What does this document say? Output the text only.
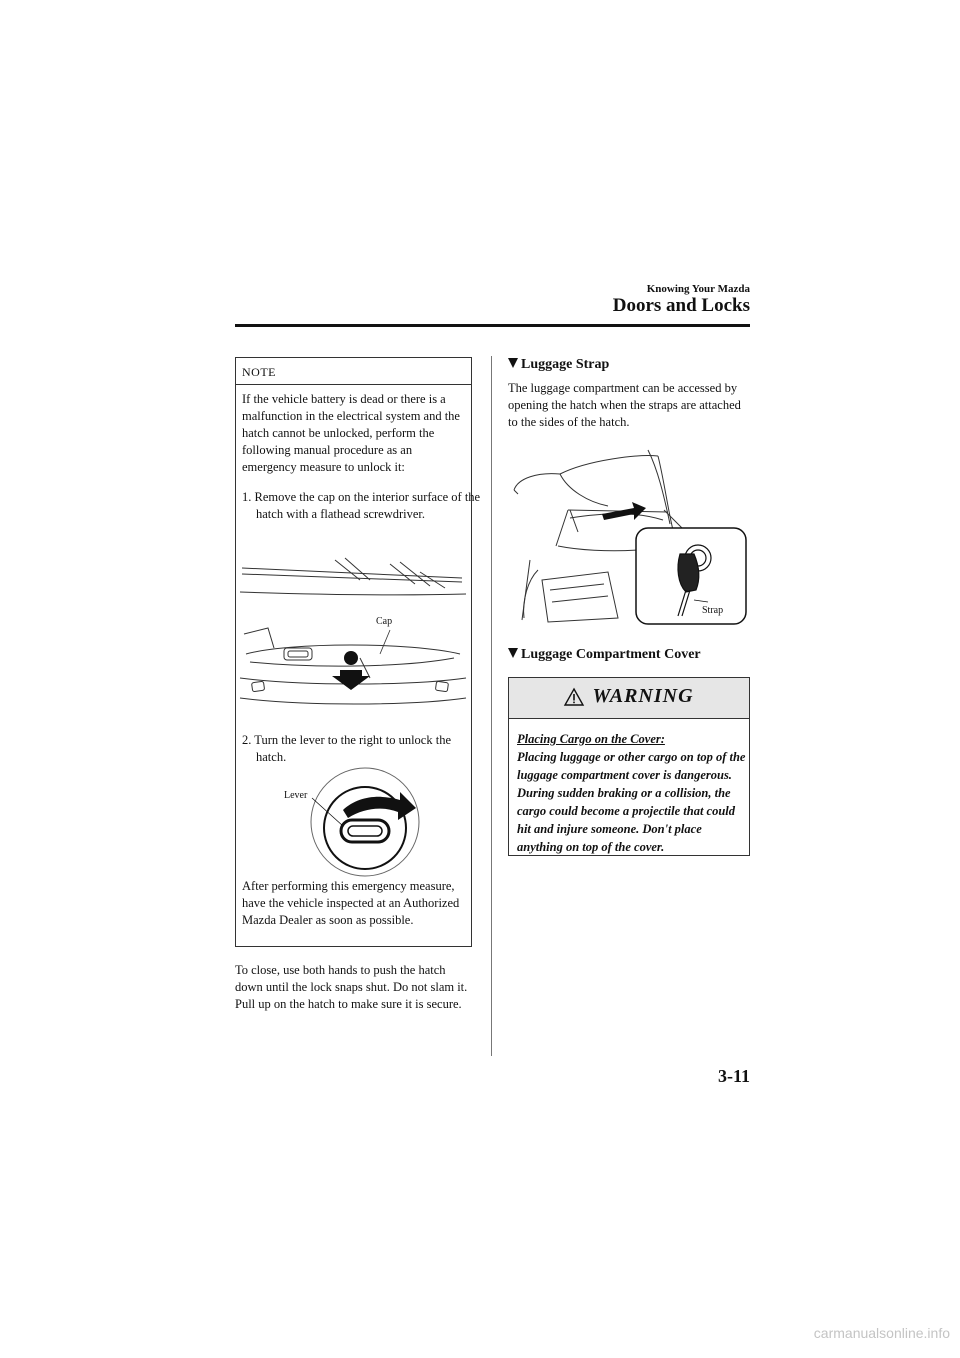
Knowing Your Mazda
Doors and Locks
NOTE
If the vehicle battery is dead or there is a malfunction in the electrical system and the hatch cannot be unlocked, perform the following manual procedure as an emergency measure to unlock it:
1. Remove the cap on the interior surface of the hatch with a flathead screwdriver.
Cap
2. Turn the lever to the right to unlock the hatch.
Lever
After performing this emergency measure, have the vehicle inspected at an Authorized Mazda Dealer as soon as possible.
To close, use both hands to push the hatch down until the lock snaps shut. Do not slam it. Pull up on the hatch to make sure it is secure.
Luggage Strap
The luggage compartment can be accessed by opening the hatch when the straps are attached to the sides of the hatch.
Strap
Luggage Compartment Cover
WARNING
Placing Cargo on the Cover:
Placing luggage or other cargo on top of the luggage compartment cover is dangerous. During sudden braking or a collision, the cargo could become a projectile that could hit and injure someone. Don't place anything on top of the cover.
3-11
carmanualsonline.info
